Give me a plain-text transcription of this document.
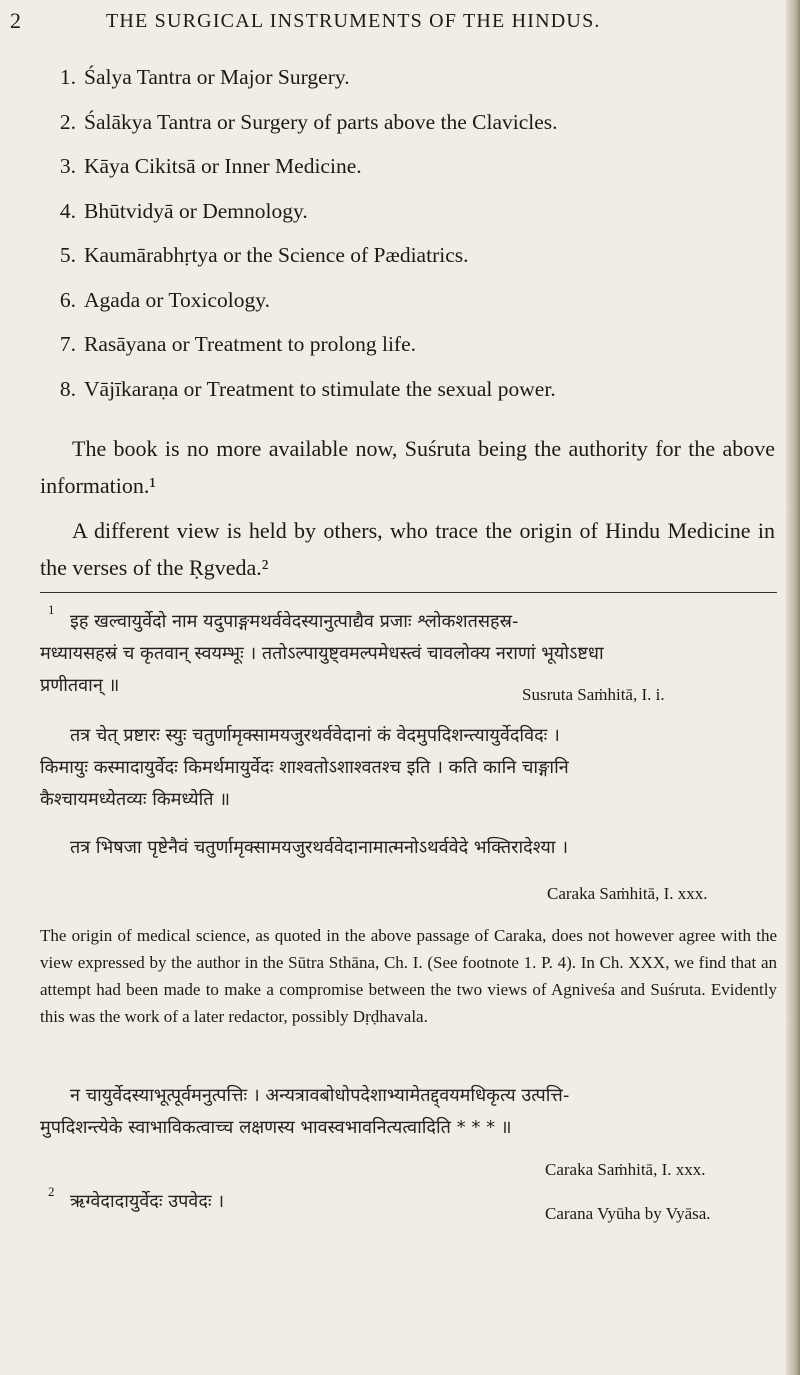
2	THE SURGICAL INSTRUMENTS OF THE HINDUS.
1. Śalya Tantra or Major Surgery.
2. Śalākya Tantra or Surgery of parts above the Clavicles.
3. Kāya Cikitsā or Inner Medicine.
4. Bhūtvidyā or Demnology.
5. Kaumārabhṛtya or the Science of Pædiatrics.
6. Agada or Toxicology.
7. Rasāyana or Treatment to prolong life.
8. Vājīkaraṇa or Treatment to stimulate the sexual power.

The book is no more available now, Suśruta being the authority for the above information.¹

A different view is held by others, who trace the origin of Hindu Medicine in the verses of the Ṛgveda.²

1
इह खल्वायुर्वेदो नाम यदुपाङ्गमथर्ववेदस्यानुत्पाद्यैव प्रजाः श्लोकशतसहस्र-
मध्यायसहस्रं च कृतवान् स्वयम्भूः । ततोऽल्पायुष्ट्वमल्पमेधस्त्वं चावलोक्य नराणां भूयोऽष्टधा
प्रणीतवान् ॥	Susruta Saṁhitā, I. i.
तत्र चेत् प्रष्टारः स्युः चतुर्णामृक्सामयजुरथर्ववेदानां कं वेदमुपदिशन्त्यायुर्वेदविदः ।
किमायुः कस्मादायुर्वेदः किमर्थमायुर्वेदः शाश्वतोऽशाश्वतश्च इति । कति कानि चाङ्गानि
कैश्चायमध्येतव्यः किमध्येति ॥
तत्र भिषजा पृष्टेनैवं चतुर्णामृक्सामयजुरथर्ववेदानामात्मनोऽथर्ववेदे भक्तिरादेश्या ।
Caraka Saṁhitā, I. xxx.

The origin of medical science, as quoted in the above passage of Caraka, does not however agree with the view expressed by the author in the Sūtra Sthāna, Ch. I. (See footnote 1. P. 4). In Ch. XXX, we find that an attempt had been made to make a compromise between the two views of Agniveśa and Suśruta. Evidently this was the work of a later redactor, possibly Dṛḍhavala.

न चायुर्वेदस्याभूत्पूर्वमनुत्पत्तिः । अन्यत्रावबोधोपदेशाभ्यामेतद्द्वयमधिकृत्य उत्पत्ति-
मुपदिशन्त्येके स्वाभाविकत्वाच्च लक्षणस्य भावस्वभावनित्यत्वादिति * * * ॥
Caraka Saṁhitā, I. xxx.
2 ऋग्वेदादायुर्वेदः उपवेदः ।
Carana Vyūha by Vyāsa.
